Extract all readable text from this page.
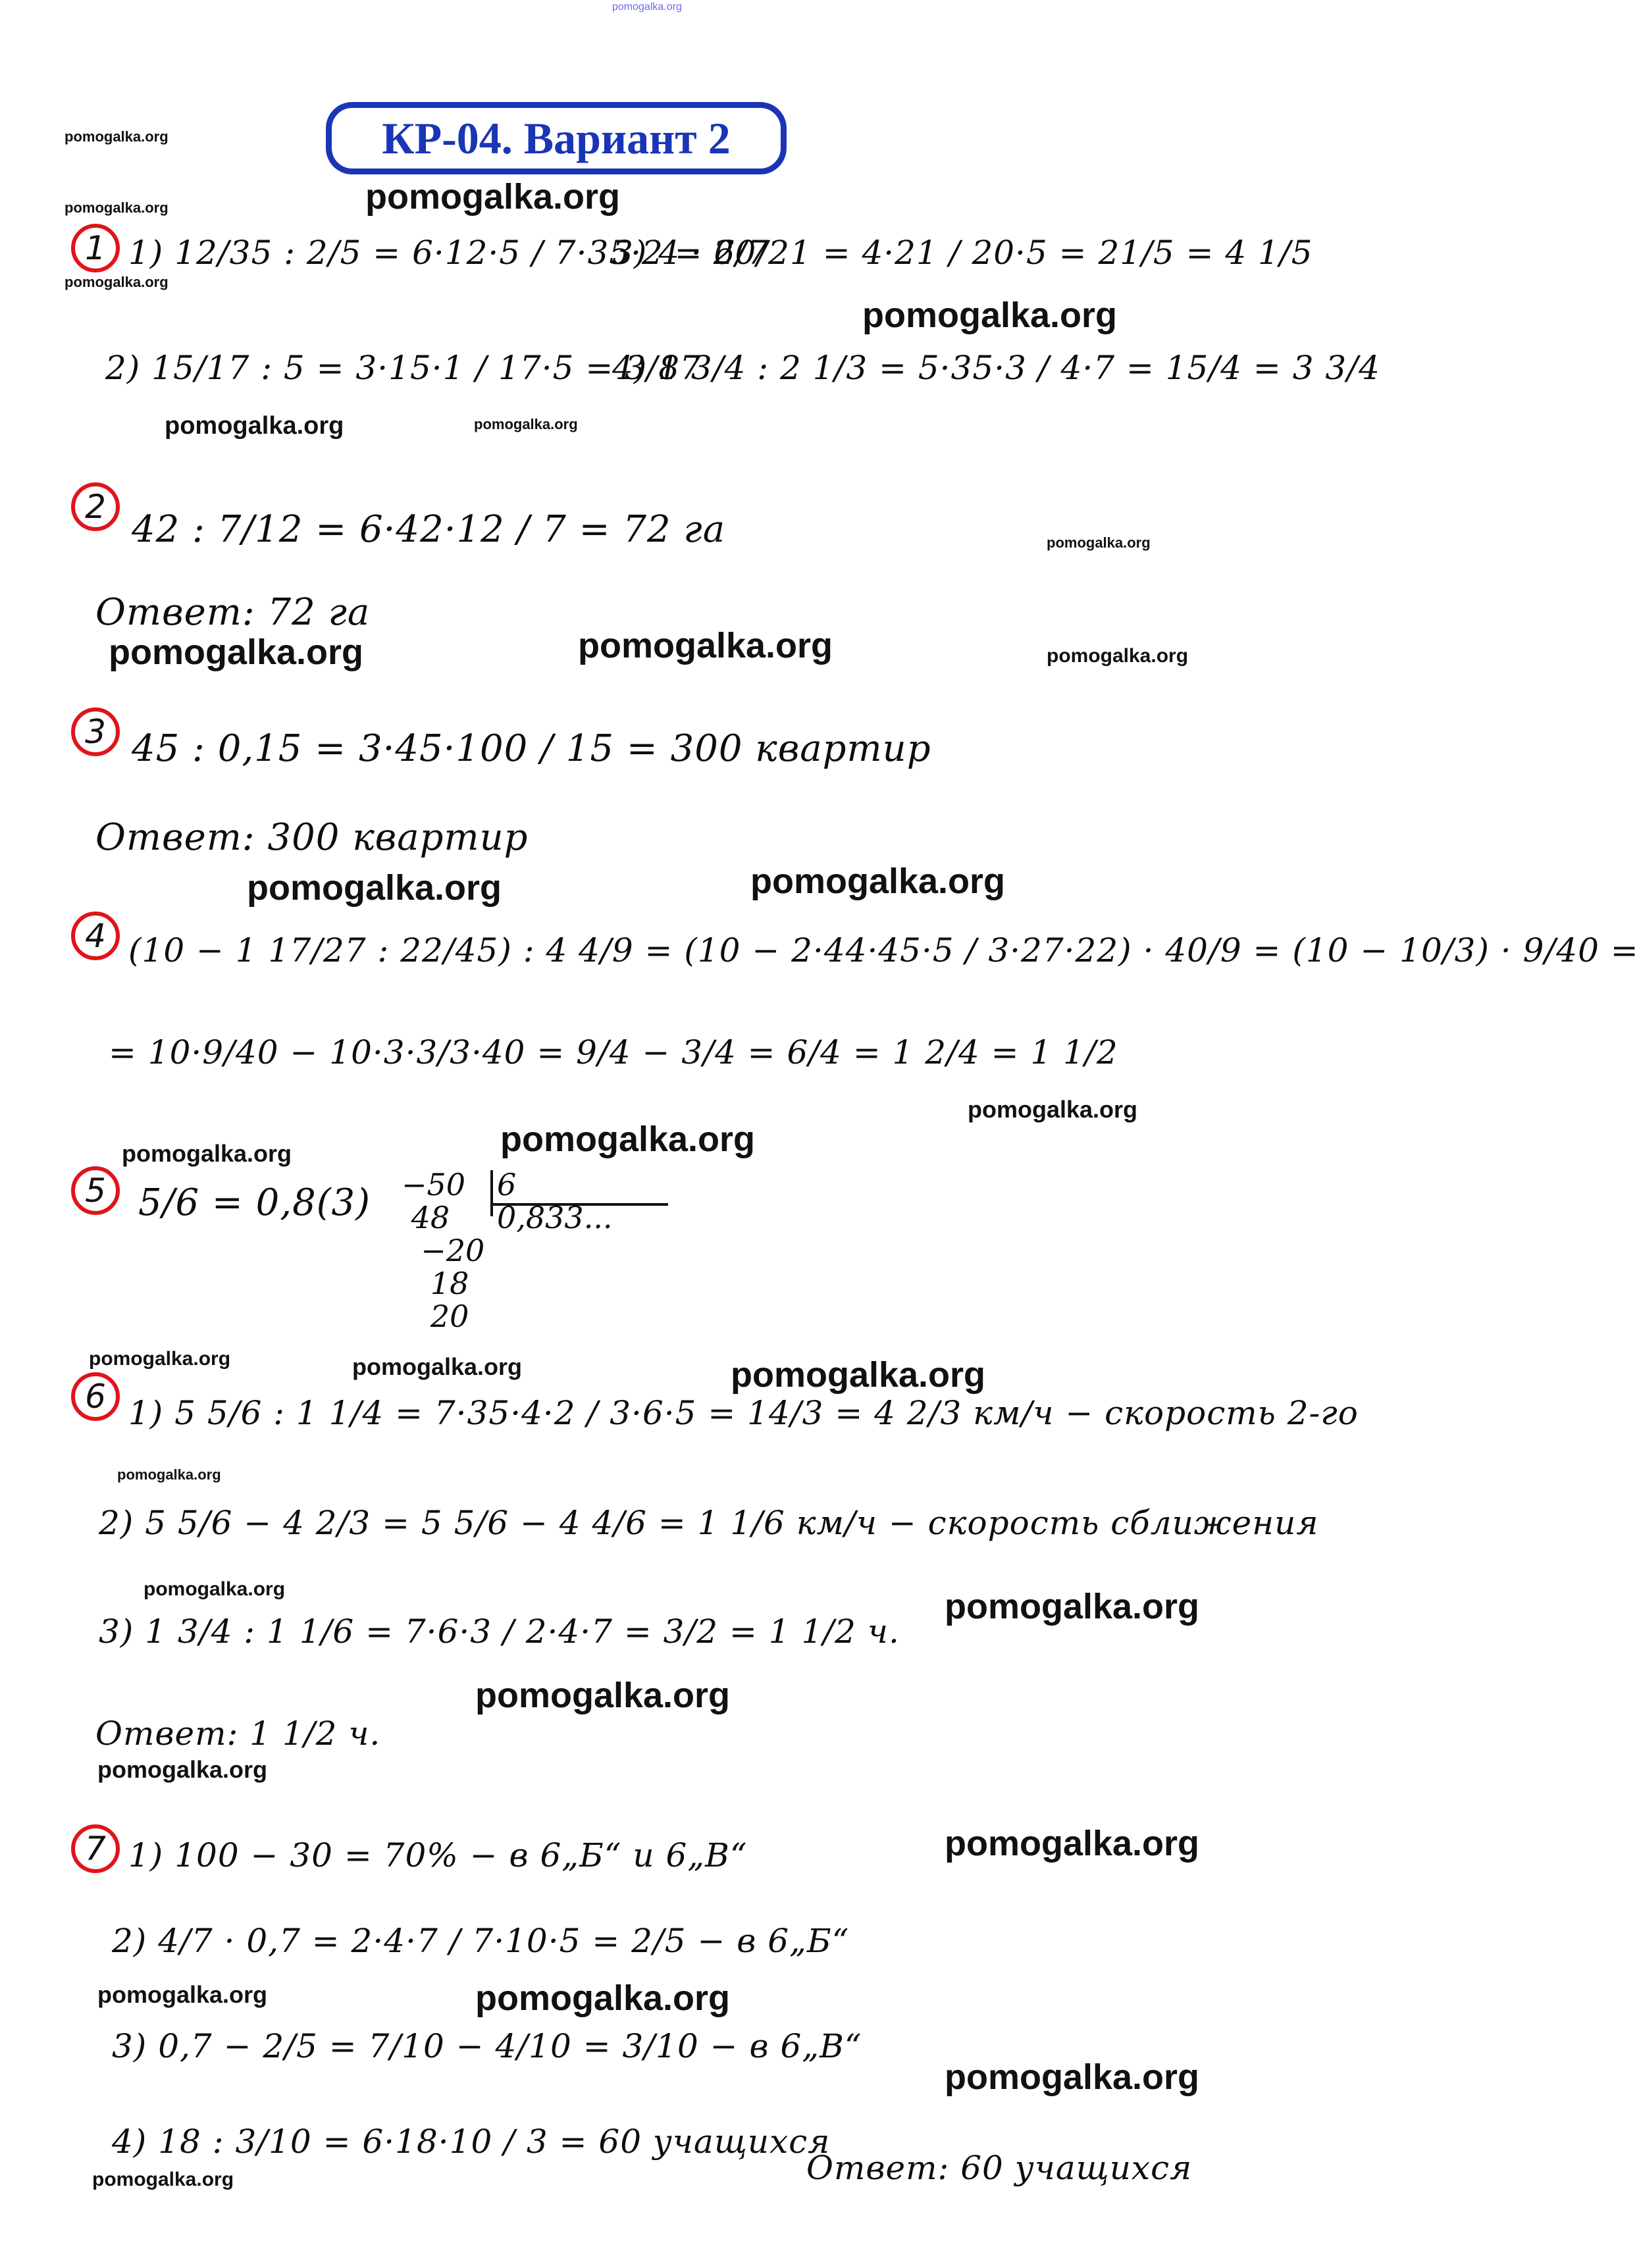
pomogalka.org
КР-04. Вариант 2
pomogalka.org
pomogalka.org
pomogalka.org
pomogalka.org
pomogalka.org
pomogalka.org	pomogalka.org
pomogalka.org
pomogalka.org	pomogalka.org	pomogalka.org
pomogalka.org	pomogalka.org
pomogalka.org
pomogalka.org
pomogalka.org
pomogalka.org	pomogalka.org	pomogalka.org
pomogalka.org
pomogalka.org	pomogalka.org
pomogalka.org
pomogalka.org
pomogalka.org
pomogalka.org	pomogalka.org
pomogalka.org
pomogalka.org
1 1) 12/35 : 2/5 = 6·12·5 / 7·35·2 = 6/7
3) 4 · 20/21 = 4·21 / 20·5 = 21/5 = 4 1/5
2) 15/17 : 5 = 3·15·1 / 17·5 = 3/17
4) 8 3/4 : 2 1/3 = 5·35·3 / 4·7 = 15/4 = 3 3/4
2
42 : 7/12 = 6·42·12 / 7 = 72 га
Ответ: 72 га
3 45 : 0,15 = 3·45·100 / 15 = 300 квартир
Ответ: 300 квартир
4 (10 − 1 17/27 : 22/45) : 4 4/9 = (10 − 2·44·45·5 / 3·27·22) · 40/9 = (10 − 10/3) · 9/40 =
= 10·9/40 − 10·3·3/3·40 = 9/4 − 3/4 = 6/4 = 1 2/4 = 1 1/2
5 5/6 = 0,8(3) −50
48
−20
18
20
6
0,833...
6 1) 5 5/6 : 1 1/4 = 7·35·4·2 / 3·6·5 = 14/3 = 4 2/3 км/ч − скорость 2-го
2) 5 5/6 − 4 2/3 = 5 5/6 − 4 4/6 = 1 1/6 км/ч − скорость сближения
3) 1 3/4 : 1 1/6 = 7·6·3 / 2·4·7 = 3/2 = 1 1/2 ч.
Ответ: 1 1/2 ч.
7 1) 100 − 30 = 70% − в 6„Б“ и 6„В“
2) 4/7 · 0,7 = 2·4·7 / 7·10·5 = 2/5 − в 6„Б“
3) 0,7 − 2/5 = 7/10 − 4/10 = 3/10 − в 6„В“
4) 18 : 3/10 = 6·18·10 / 3 = 60 учащихся
Ответ: 60 учащихся
